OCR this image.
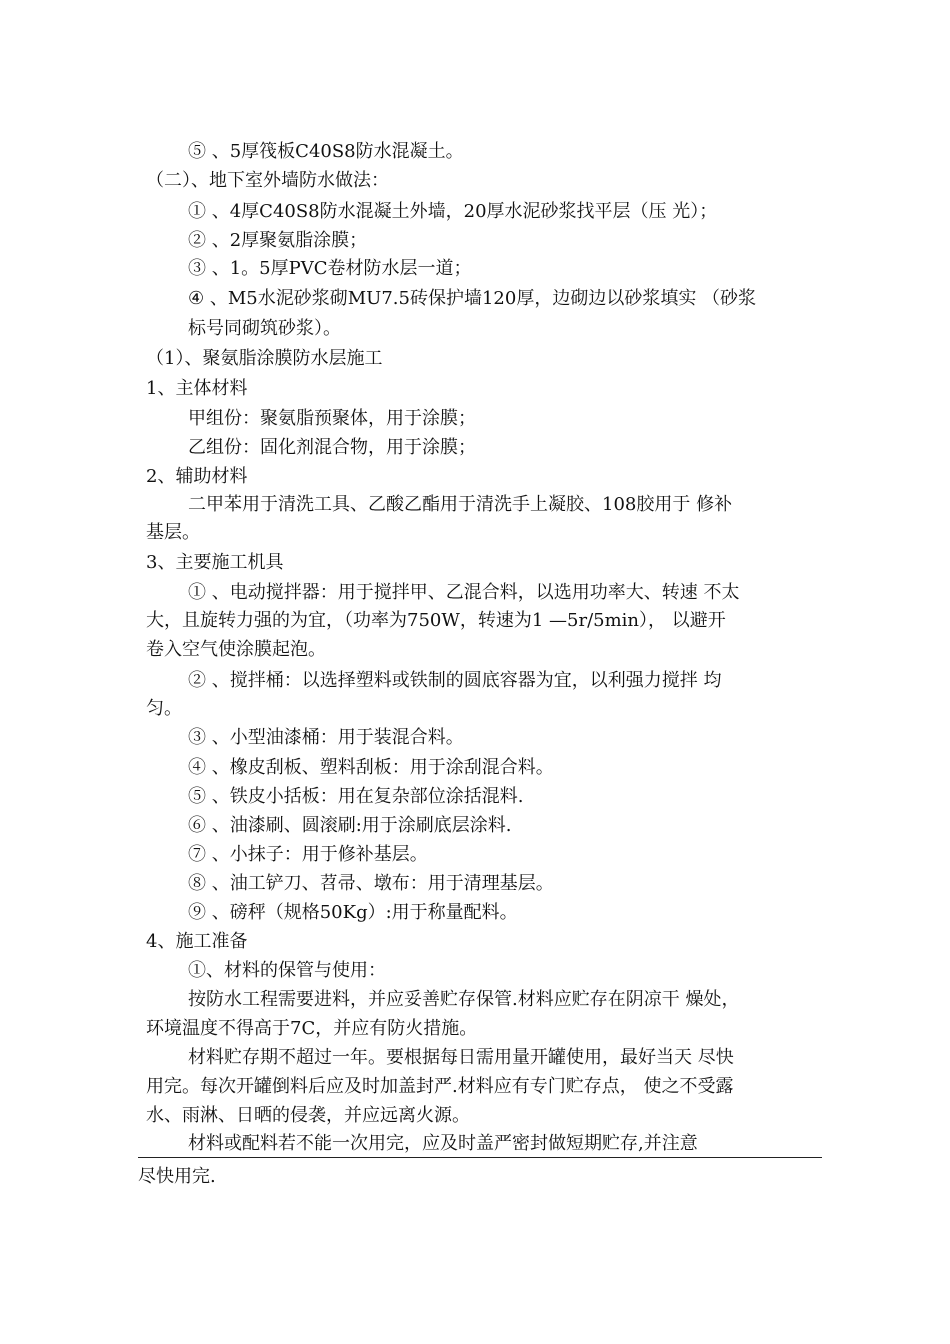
⑤ 、5厚筏板C40S8防水混凝土。
（二）、地下室外墙防水做法：
① 、4厚C40S8防水混凝土外墙，20厚水泥砂浆找平层（压 光）；
② 、2厚聚氨脂涂膜；
③ 、1。5厚PVC卷材防水层一道；
④ 、M5水泥砂浆砌MU7.5砖保护墙120厚，边砌边以砂浆填实 （砂浆
标号同砌筑砂浆）。
（1）、聚氨脂涂膜防水层施工
1、主体材料
甲组份：聚氨脂预聚体，用于涂膜；
乙组份：固化剂混合物，用于涂膜；
2、辅助材料
二甲苯用于清洗工具、乙酸乙酯用于清洗手上凝胶、108胶用于 修补
基层。
3、主要施工机具
① 、电动搅拌器：用于搅拌甲、乙混合料，以选用功率大、转速 不太
大，且旋转力强的为宜，（功率为750W，转速为1 —5r/5min）， 以避开
卷入空气使涂膜起泡。
② 、搅拌桶：以选择塑料或铁制的圆底容器为宜，以利强力搅拌 均
匀。
③ 、小型油漆桶：用于装混合料。
④ 、橡皮刮板、塑料刮板：用于涂刮混合料。
⑤ 、铁皮小括板：用在复杂部位涂括混料.
⑥ 、油漆刷、圆滚刷:用于涂刷底层涂料.
⑦ 、小抹子：用于修补基层。
⑧ 、油工铲刀、苕帚、墩布：用于清理基层。
⑨ 、磅秤（规格50Kg）:用于称量配料。
4、施工准备
①、材料的保管与使用：
按防水工程需要进料，并应妥善贮存保管.材料应贮存在阴凉干 燥处，
环境温度不得高于7C，并应有防火措施。
材料贮存期不超过一年。要根据每日需用量开罐使用，最好当天 尽快
用完。每次开罐倒料后应及时加盖封严.材料应有专门贮存点， 使之不受露
水、雨淋、日晒的侵袭，并应远离火源。
材料或配料若不能一次用完，应及时盖严密封做短期贮存,并注意
尽快用完.
